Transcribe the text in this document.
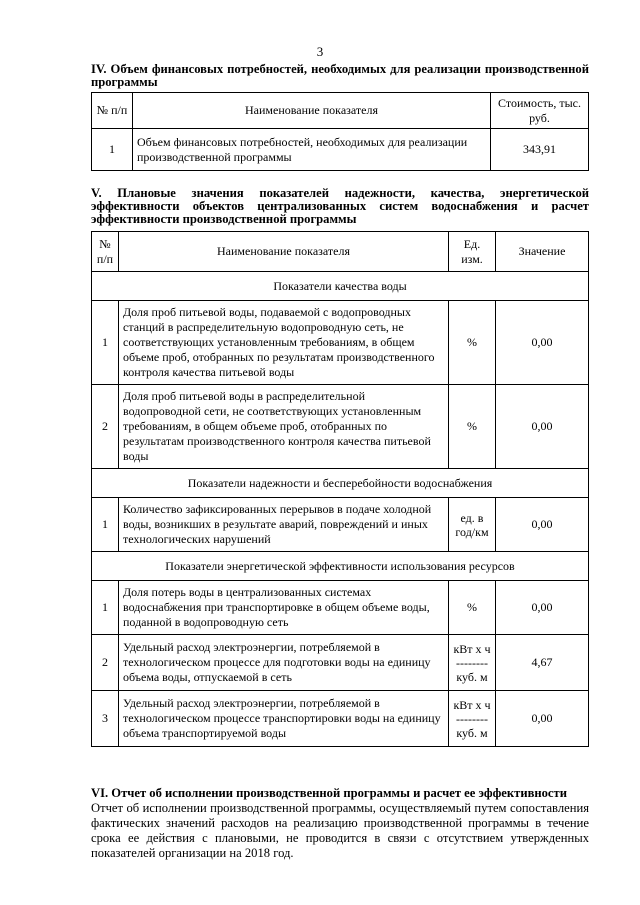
3
IV. Объем финансовых потребностей, необходимых для реализации производственной программы
№ п/п	Наименование показателя	Стоимость, тыс. руб.
1	Объем финансовых потребностей, необходимых для реализации производственной программы	343,91
V. Плановые значения показателей надежности, качества, энергетической эффективности объектов централизованных систем водоснабжения и расчет эффективности производственной программы
№ п/п	Наименование показателя	Ед. изм.	Значение
Показатели качества воды			
1	Доля проб питьевой воды, подаваемой с водопроводных станций в распределительную водопроводную сеть, не соответствующих установленным требованиям, в общем объеме проб, отобранных по результатам производственного контроля качества питьевой воды	%	0,00
2	Доля проб питьевой воды в распределительной водопроводной сети, не соответствующих установленным требованиям, в общем объеме проб, отобранных по результатам производственного контроля качества питьевой воды	%	0,00
Показатели надежности и бесперебойности водоснабжения			
1	Количество зафиксированных перерывов в подаче холодной воды, возникших в результате аварий, повреждений и иных технологических нарушений	ед. в год/км	0,00
Показатели энергетической эффективности использования ресурсов			
1	Доля потерь воды в централизованных системах водоснабжения при транспортировке в общем объеме воды, поданной в водопроводную сеть	%	0,00
2	Удельный расход электроэнергии, потребляемой в технологическом процессе для подготовки воды на единицу объема воды, отпускаемой в сеть	кВт х ч
--------
куб. м	4,67
3	Удельный расход электроэнергии, потребляемой в технологическом процессе транспортировки воды на единицу объема транспортируемой воды	кВт х ч
--------
куб. м	0,00
VI. Отчет об исполнении производственной программы и расчет ее эффективности

Отчет об исполнении производственной программы, осуществляемый путем сопоставления фактических значений расходов на реализацию производственной программы в течение срока ее действия с плановыми, не проводится в связи с отсутствием утвержденных показателей организации на 2018 год.
